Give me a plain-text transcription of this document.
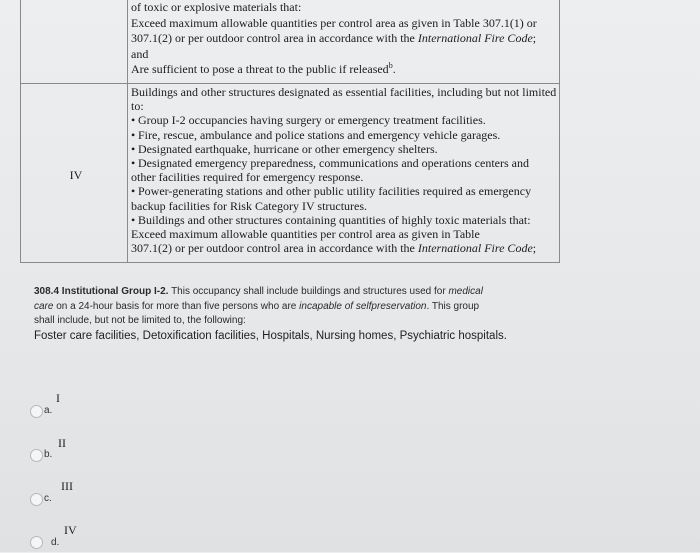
of toxic or explosive materials that:
Exceed maximum allowable quantities per control area as given in Table 307.1(1) or
307.1(2) or per outdoor control area in accordance with the International Fire Code;
and
Are sufficient to pose a threat to the public if released$^b$.
IV
Buildings and other structures designated as essential facilities, including but not limited
to:
• Group I-2 occupancies having surgery or emergency treatment facilities.
• Fire, rescue, ambulance and police stations and emergency vehicle garages.
• Designated earthquake, hurricane or other emergency shelters.
• Designated emergency preparedness, communications and operations centers and
other facilities required for emergency response.
• Power-generating stations and other public utility facilities required as emergency
backup facilities for Risk Category IV structures.
• Buildings and other structures containing quantities of highly toxic materials that:
Exceed maximum allowable quantities per control area as given in Table
307.1(2) or per outdoor control area in accordance with the International Fire Code;
308.4 Institutional Group I-2. This occupancy shall include buildings and structures used for medical
care on a 24-hour basis for more than five persons who are incapable of selfpreservation. This group
shall include, but not be limited to, the following:
Foster care facilities, Detoxification facilities, Hospitals, Nursing homes, Psychiatric hospitals.
a.
I
b.
II
c.
III
d.
IV
